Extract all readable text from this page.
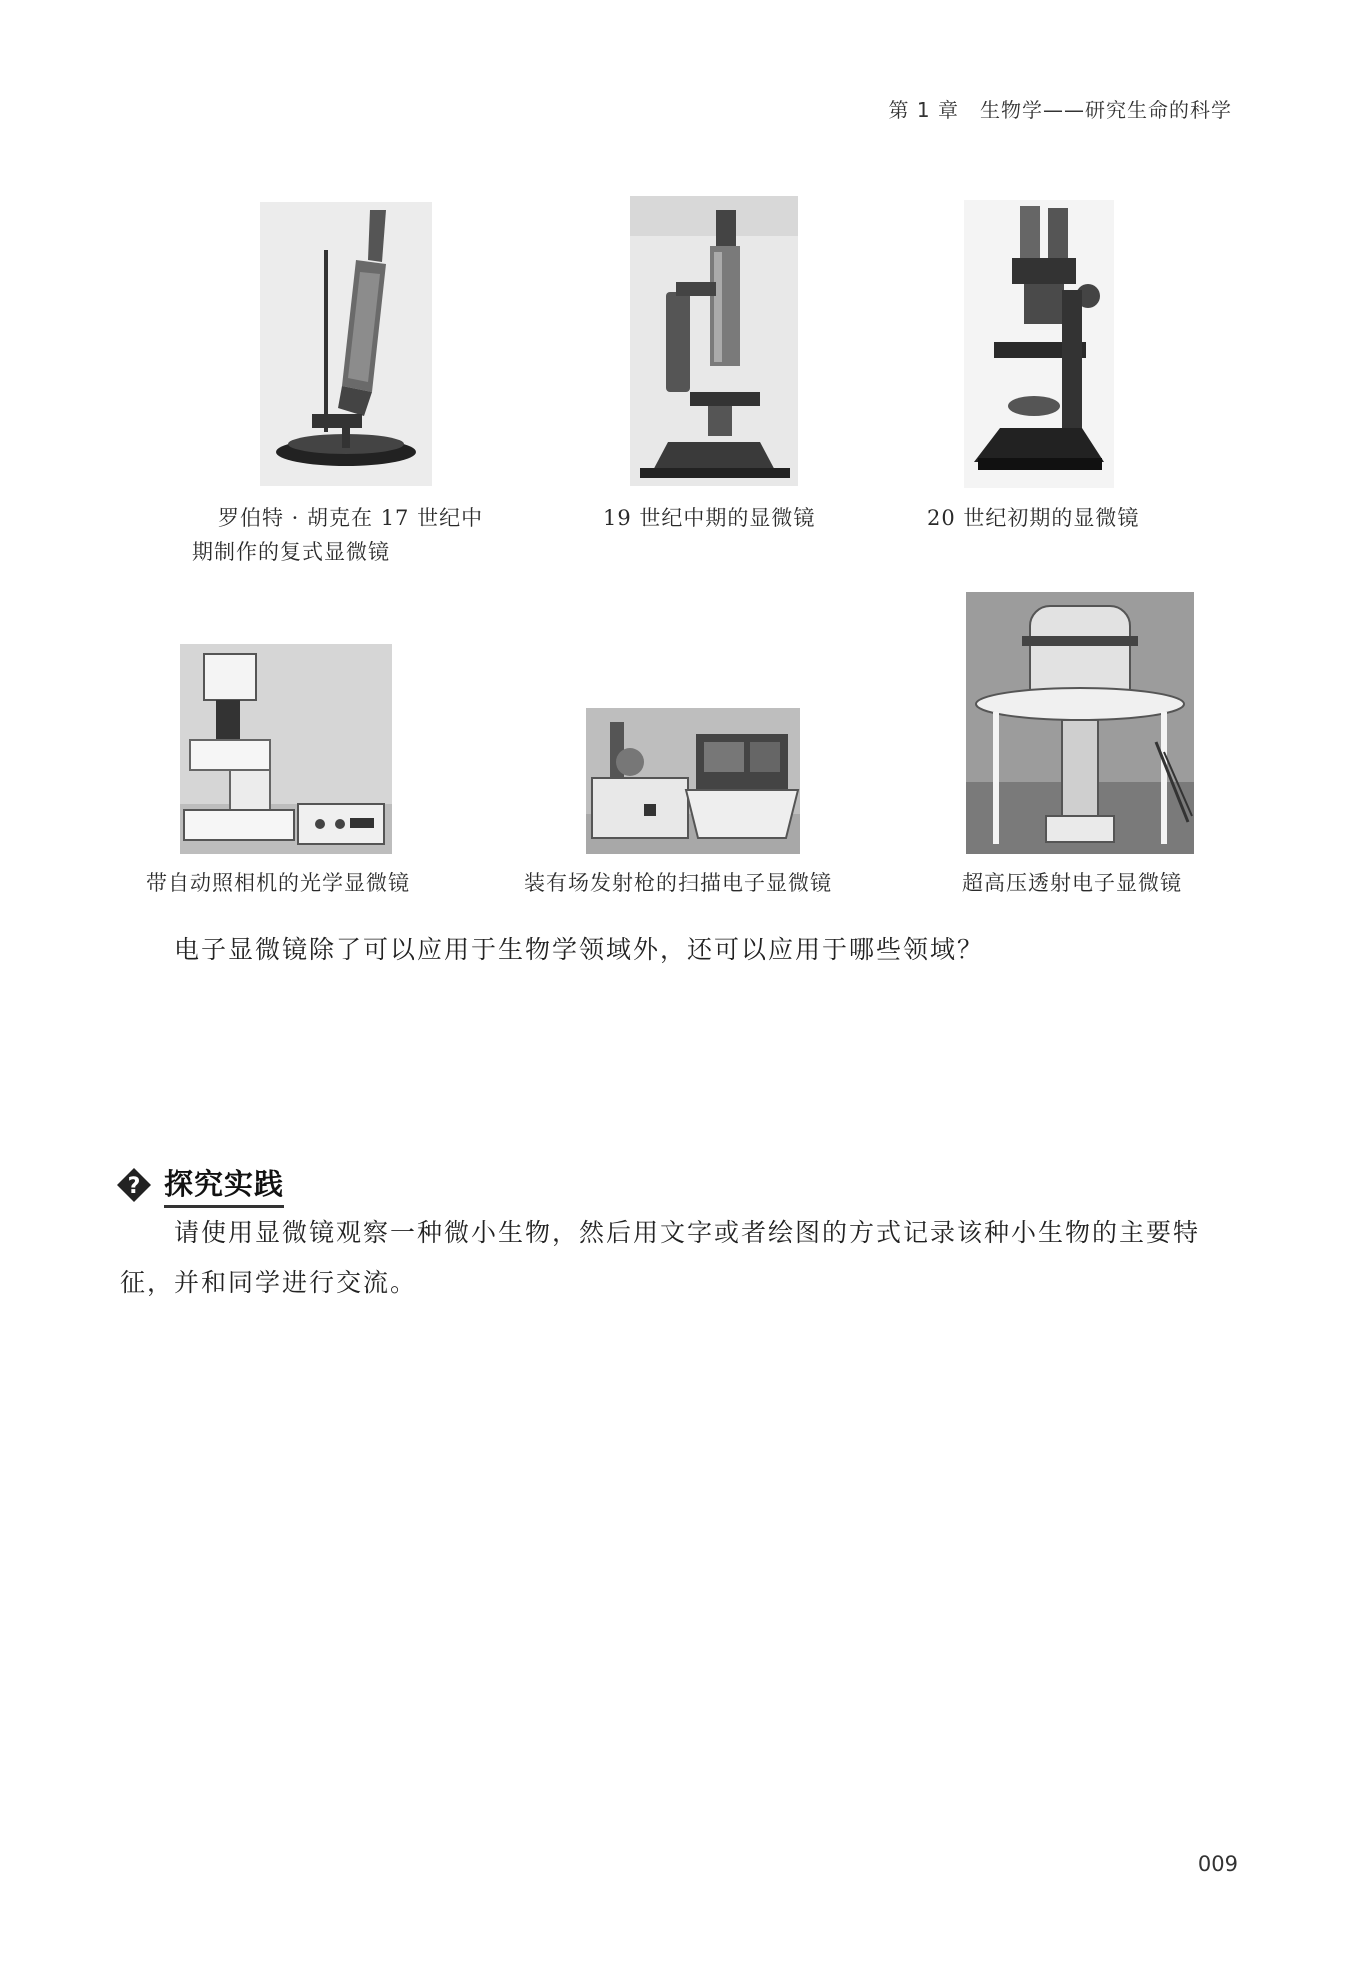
第 1 章　生物学——研究生命的科学
罗伯特 · 胡克在 17 世纪中
期制作的复式显微镜
19 世纪中期的显微镜	20 世纪初期的显微镜
带自动照相机的光学显微镜	装有场发射枪的扫描电子显微镜	超高压透射电子显微镜
电子显微镜除了可以应用于生物学领域外，还可以应用于哪些领域？
? 探究实践
请使用显微镜观察一种微小生物，然后用文字或者绘图的方式记录该种小生物的主要特征，并和同学进行交流。
009
